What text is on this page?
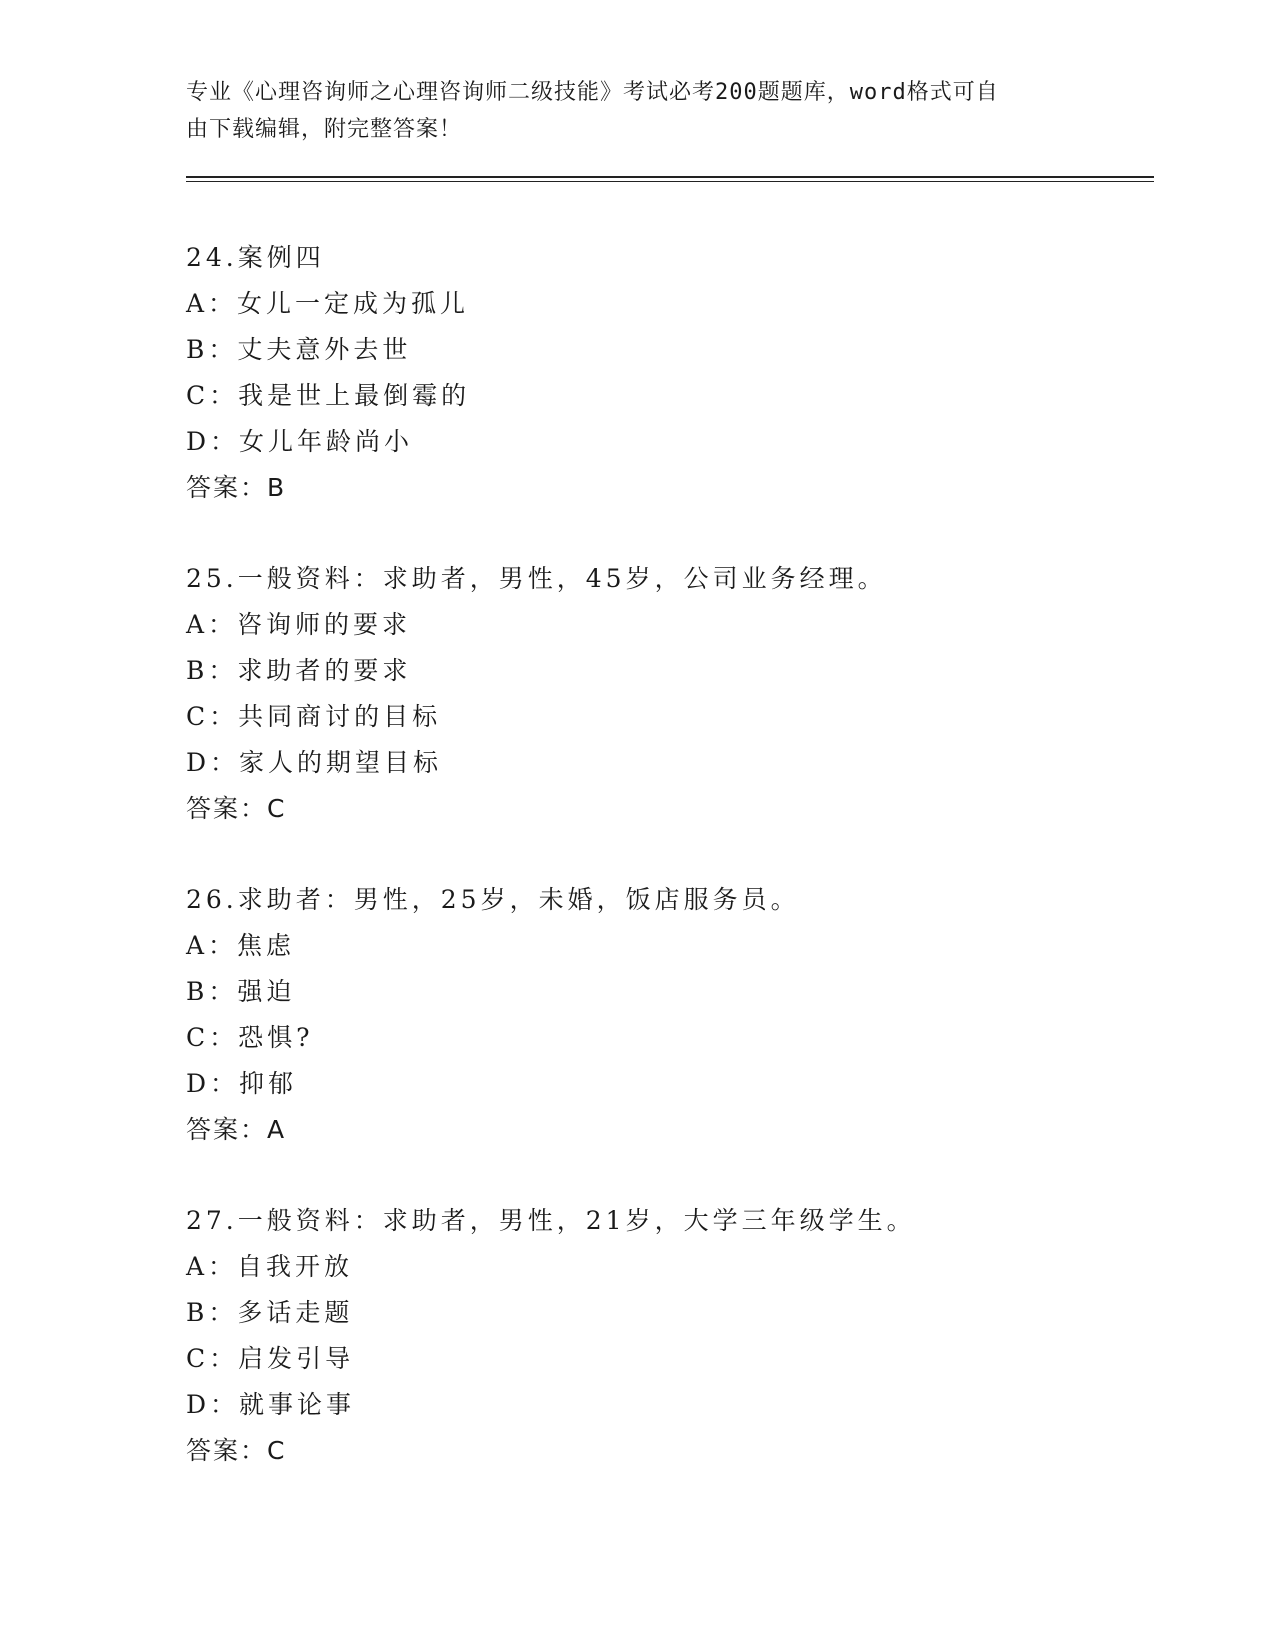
专业《心理咨询师之心理咨询师二级技能》考试必考200题题库，word格式可自
由下载编辑，附完整答案！
24.案例四
A：女儿一定成为孤儿
B：丈夫意外去世
C：我是世上最倒霉的
D：女儿年龄尚小
答案：B
25.一般资料：求助者，男性，45岁，公司业务经理。
A：咨询师的要求
B：求助者的要求
C：共同商讨的目标
D：家人的期望目标
答案：C
26.求助者：男性，25岁，未婚，饭店服务员。
A：焦虑
B：强迫
C：恐惧?
D：抑郁
答案：A
27.一般资料：求助者，男性，21岁，大学三年级学生。
A：自我开放
B：多话走题
C：启发引导
D：就事论事
答案：C
